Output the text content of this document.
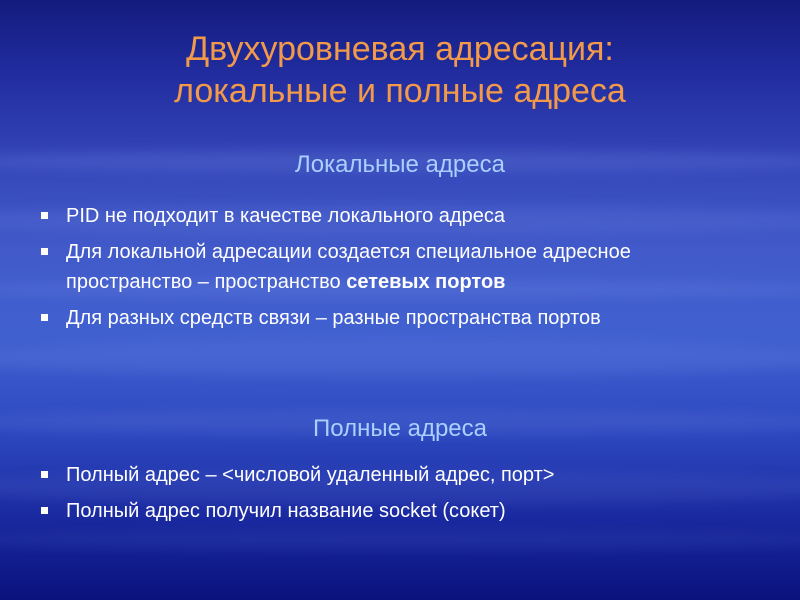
Двухуровневая адресация:
локальные и полные адреса
Локальные адреса
PID не подходит в качестве локального адреса
Для локальной адресации создается специальное адресное пространство – пространство сетевых портов
Для разных средств связи – разные пространства портов
Полные адреса
Полный адрес – <числовой удаленный адрес, порт>
Полный адрес получил название socket (сокет)
